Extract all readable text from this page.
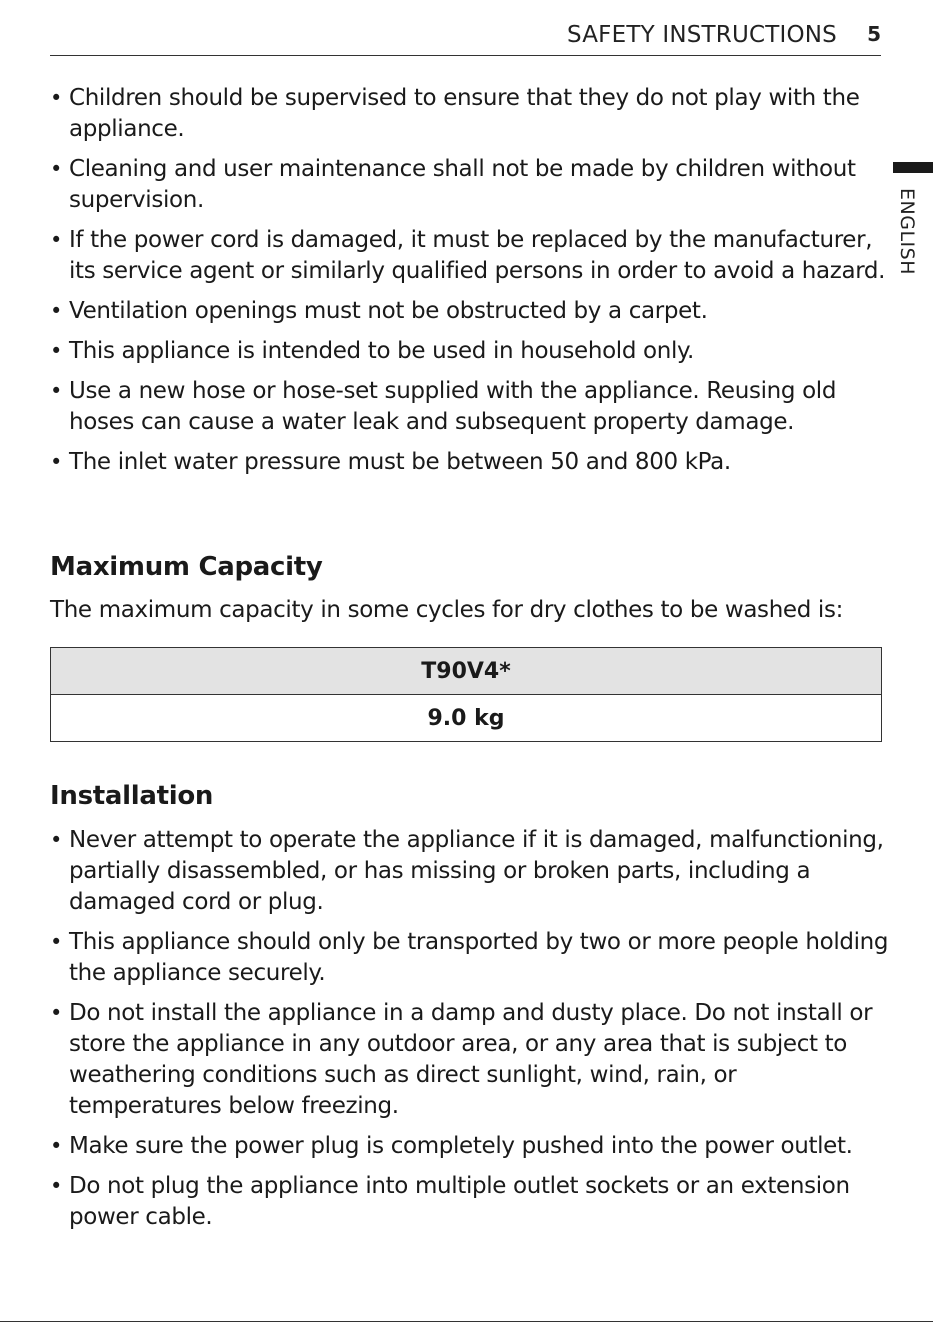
SAFETY INSTRUCTIONS 5
ENGLISH
• Children should be supervised to ensure that they do not play with the appliance.
• Cleaning and user maintenance shall not be made by children without supervision.
• If the power cord is damaged, it must be replaced by the manufacturer, its service agent or similarly qualified persons in order to avoid a hazard.
• Ventilation openings must not be obstructed by a carpet.
• This appliance is intended to be used in household only.
• Use a new hose or hose-set supplied with the appliance. Reusing old hoses can cause a water leak and subsequent property damage.
• The inlet water pressure must be between 50 and 800 kPa.
Maximum Capacity
The maximum capacity in some cycles for dry clothes to be washed is:
T90V4*
9.0 kg
Installation
• Never attempt to operate the appliance if it is damaged, malfunctioning, partially disassembled, or has missing or broken parts, including a damaged cord or plug.
• This appliance should only be transported by two or more people holding the appliance securely.
• Do not install the appliance in a damp and dusty place. Do not install or store the appliance in any outdoor area, or any area that is subject to weathering conditions such as direct sunlight, wind, rain, or temperatures below freezing.
• Make sure the power plug is completely pushed into the power outlet.
• Do not plug the appliance into multiple outlet sockets or an extension power cable.
